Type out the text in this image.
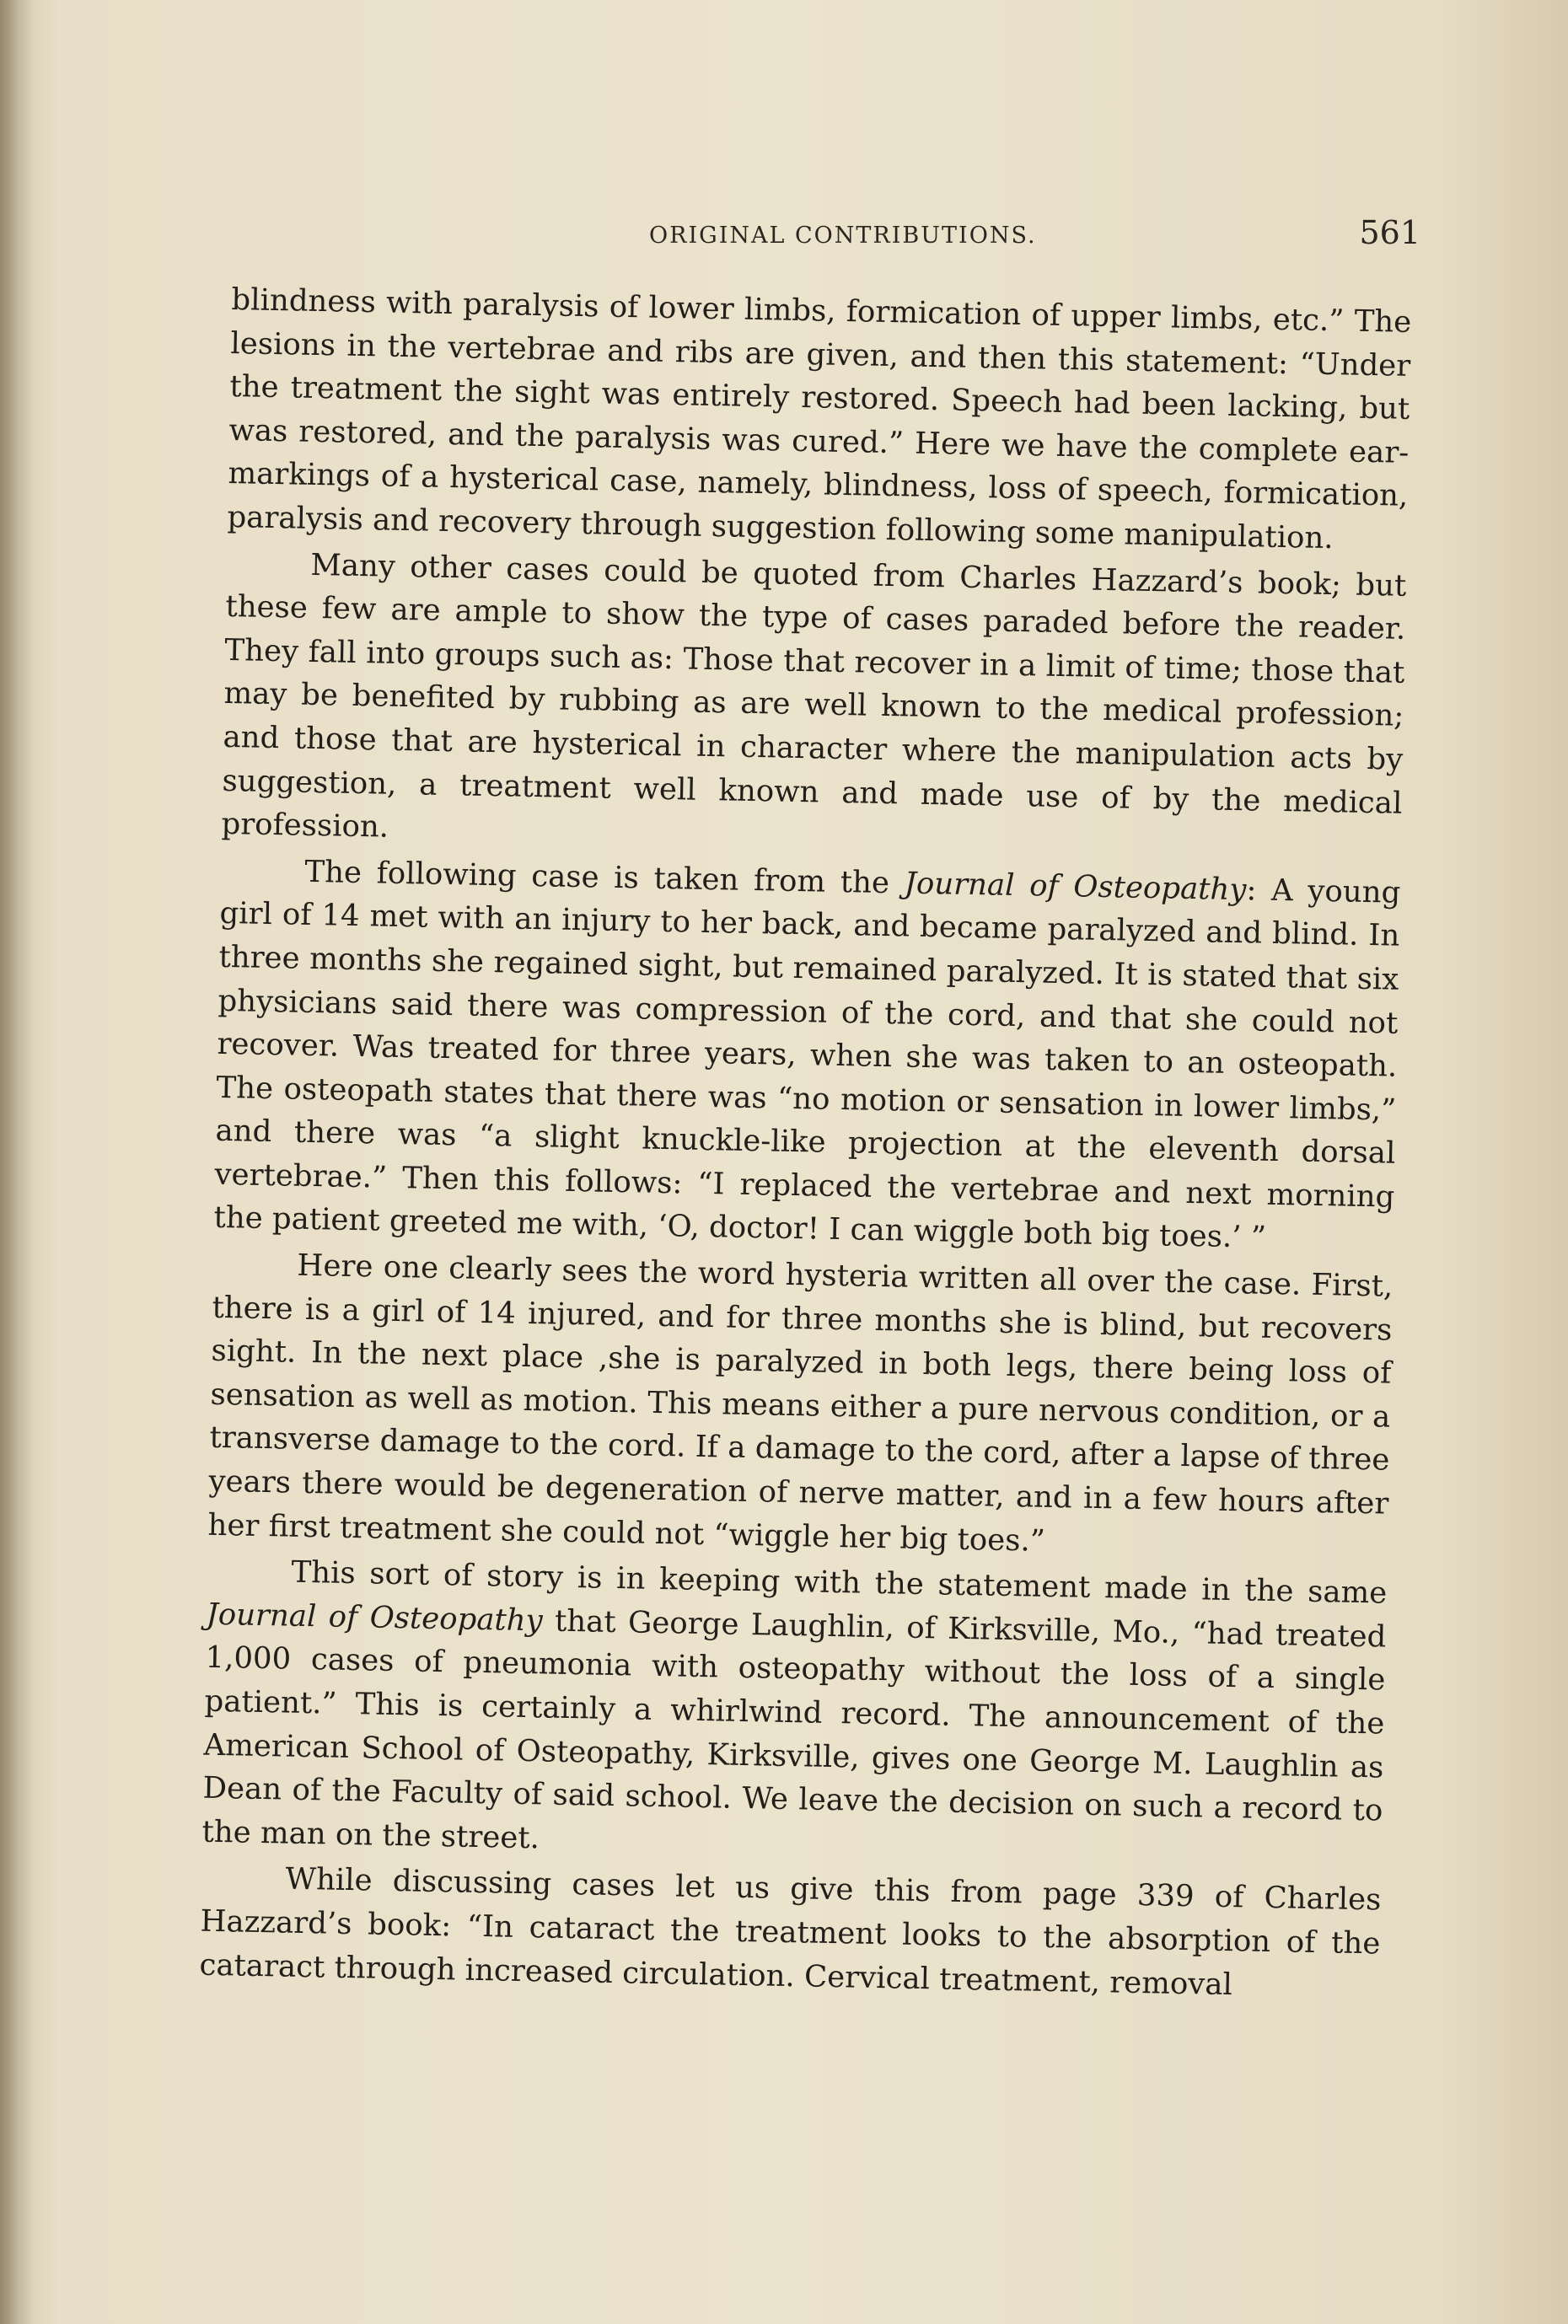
ORIGINAL CONTRIBUTIONS.	561

blindness with paralysis of lower limbs, formication of upper limbs, etc.” The lesions in the vertebrae and ribs are given, and then this statement: “Under the treatment the sight was entirely restored. Speech had been lacking, but was restored, and the paralysis was cured.” Here we have the complete ear-markings of a hysterical case, namely, blindness, loss of speech, formication, paralysis and recovery through suggestion following some manipulation.

Many other cases could be quoted from Charles Hazzard’s book; but these few are ample to show the type of cases paraded before the reader. They fall into groups such as: Those that recover in a limit of time; those that may be benefited by rubbing as are well known to the medical profession; and those that are hysterical in character where the manipulation acts by suggestion, a treatment well known and made use of by the medical profession.

The following case is taken from the Journal of Osteopathy: A young girl of 14 met with an injury to her back, and became paralyzed and blind. In three months she regained sight, but remained paralyzed. It is stated that six physicians said there was compression of the cord, and that she could not recover. Was treated for three years, when she was taken to an osteopath. The osteopath states that there was “no motion or sensation in lower limbs,” and there was “a slight knuckle-like projection at the eleventh dorsal vertebrae.” Then this follows: “I replaced the vertebrae and next morning the patient greeted me with, ‘O, doctor! I can wiggle both big toes.’ ”

Here one clearly sees the word hysteria written all over the case. First, there is a girl of 14 injured, and for three months she is blind, but recovers sight. In the next place ,she is paralyzed in both legs, there being loss of sensation as well as motion. This means either a pure nervous condition, or a transverse damage to the cord. If a damage to the cord, after a lapse of three years there would be degeneration of nerve matter, and in a few hours after her first treatment she could not “wiggle her big toes.”

This sort of story is in keeping with the statement made in the same Journal of Osteopathy that George Laughlin, of Kirksville, Mo., “had treated 1,000 cases of pneumonia with osteopathy without the loss of a single patient.” This is certainly a whirlwind record. The announcement of the American School of Osteopathy, Kirksville, gives one George M. Laughlin as Dean of the Faculty of said school. We leave the decision on such a record to the man on the street.

While discussing cases let us give this from page 339 of Charles Hazzard’s book: “In cataract the treatment looks to the absorption of the cataract through increased circulation. Cervical treatment, removal
